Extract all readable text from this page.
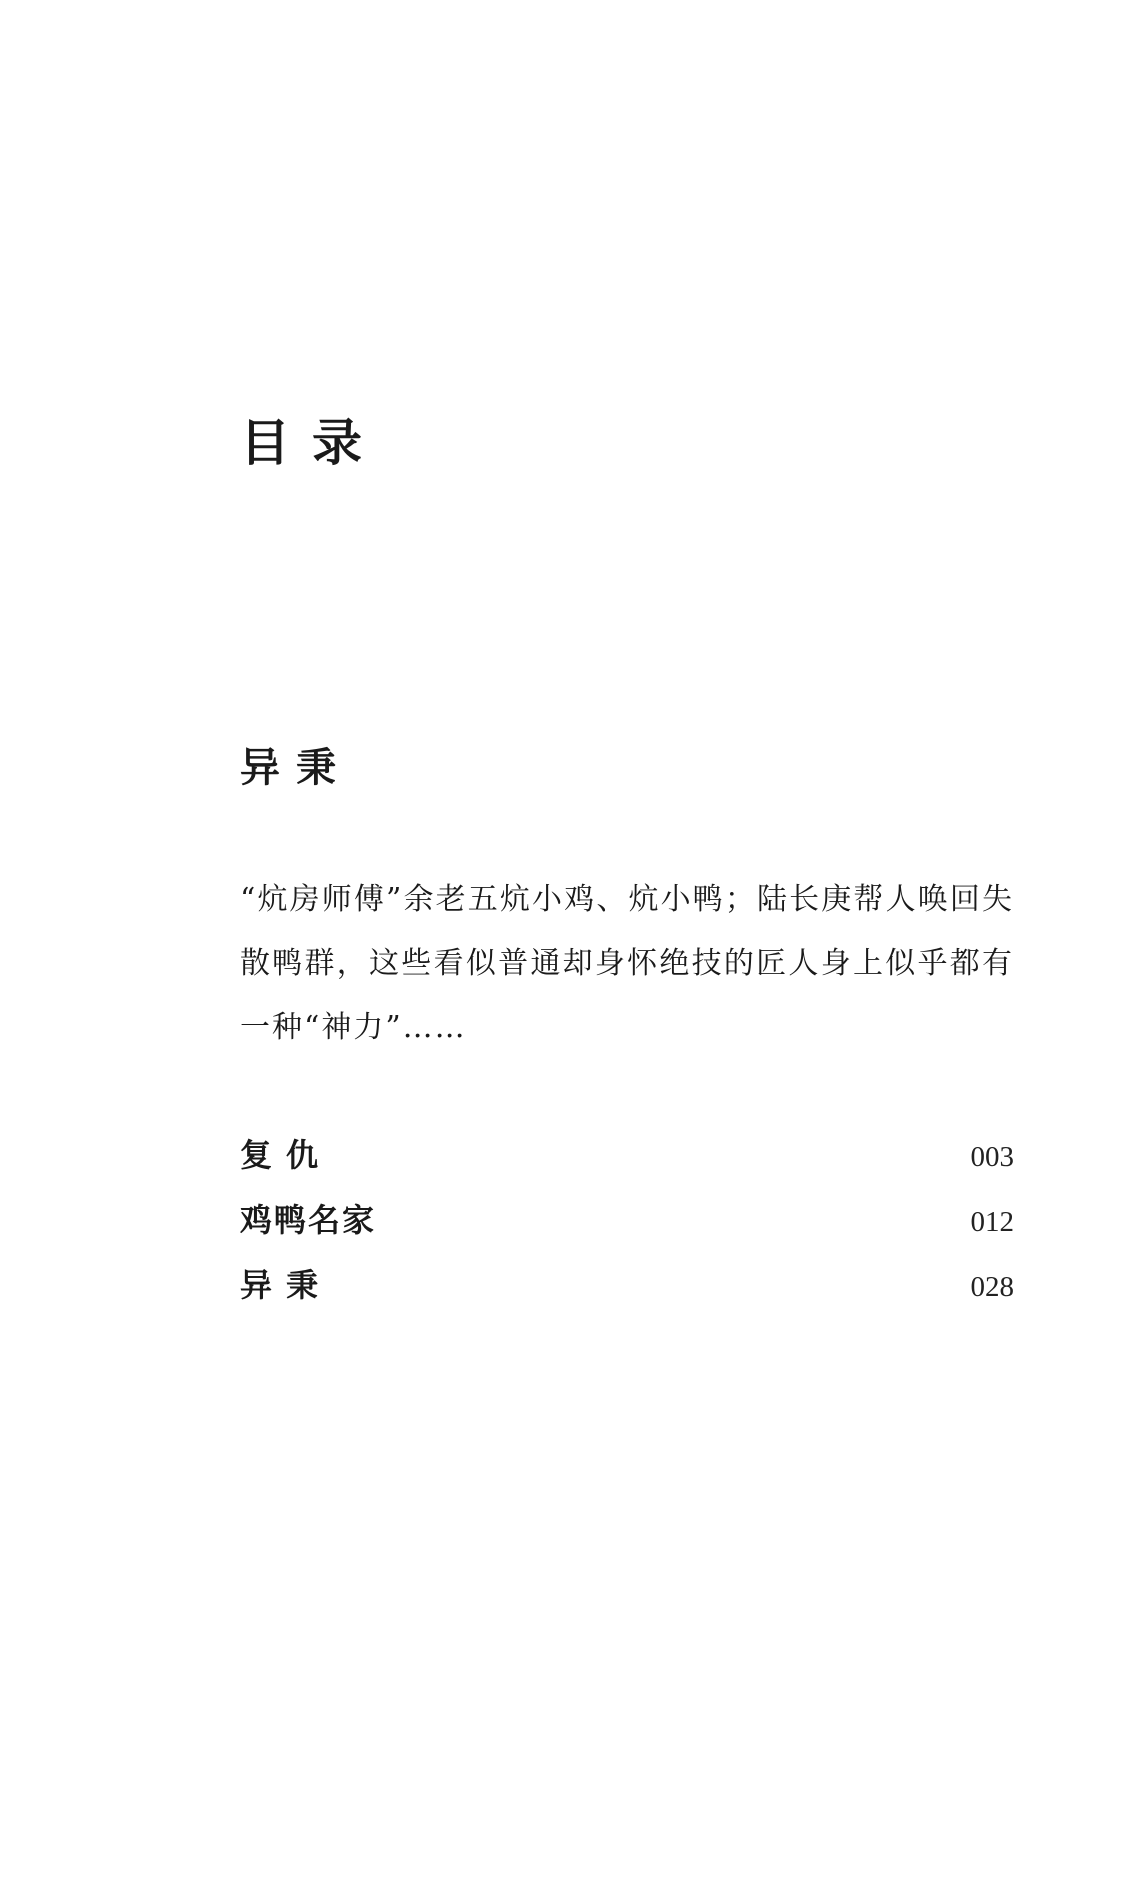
目录
异秉

“炕房师傅”余老五炕小鸡、炕小鸭；陆长庚帮人唤回失散鸭群，这些看似普通却身怀绝技的匠人身上似乎都有一种“神力”……

复仇	003
鸡鸭名家	012
异秉	028
